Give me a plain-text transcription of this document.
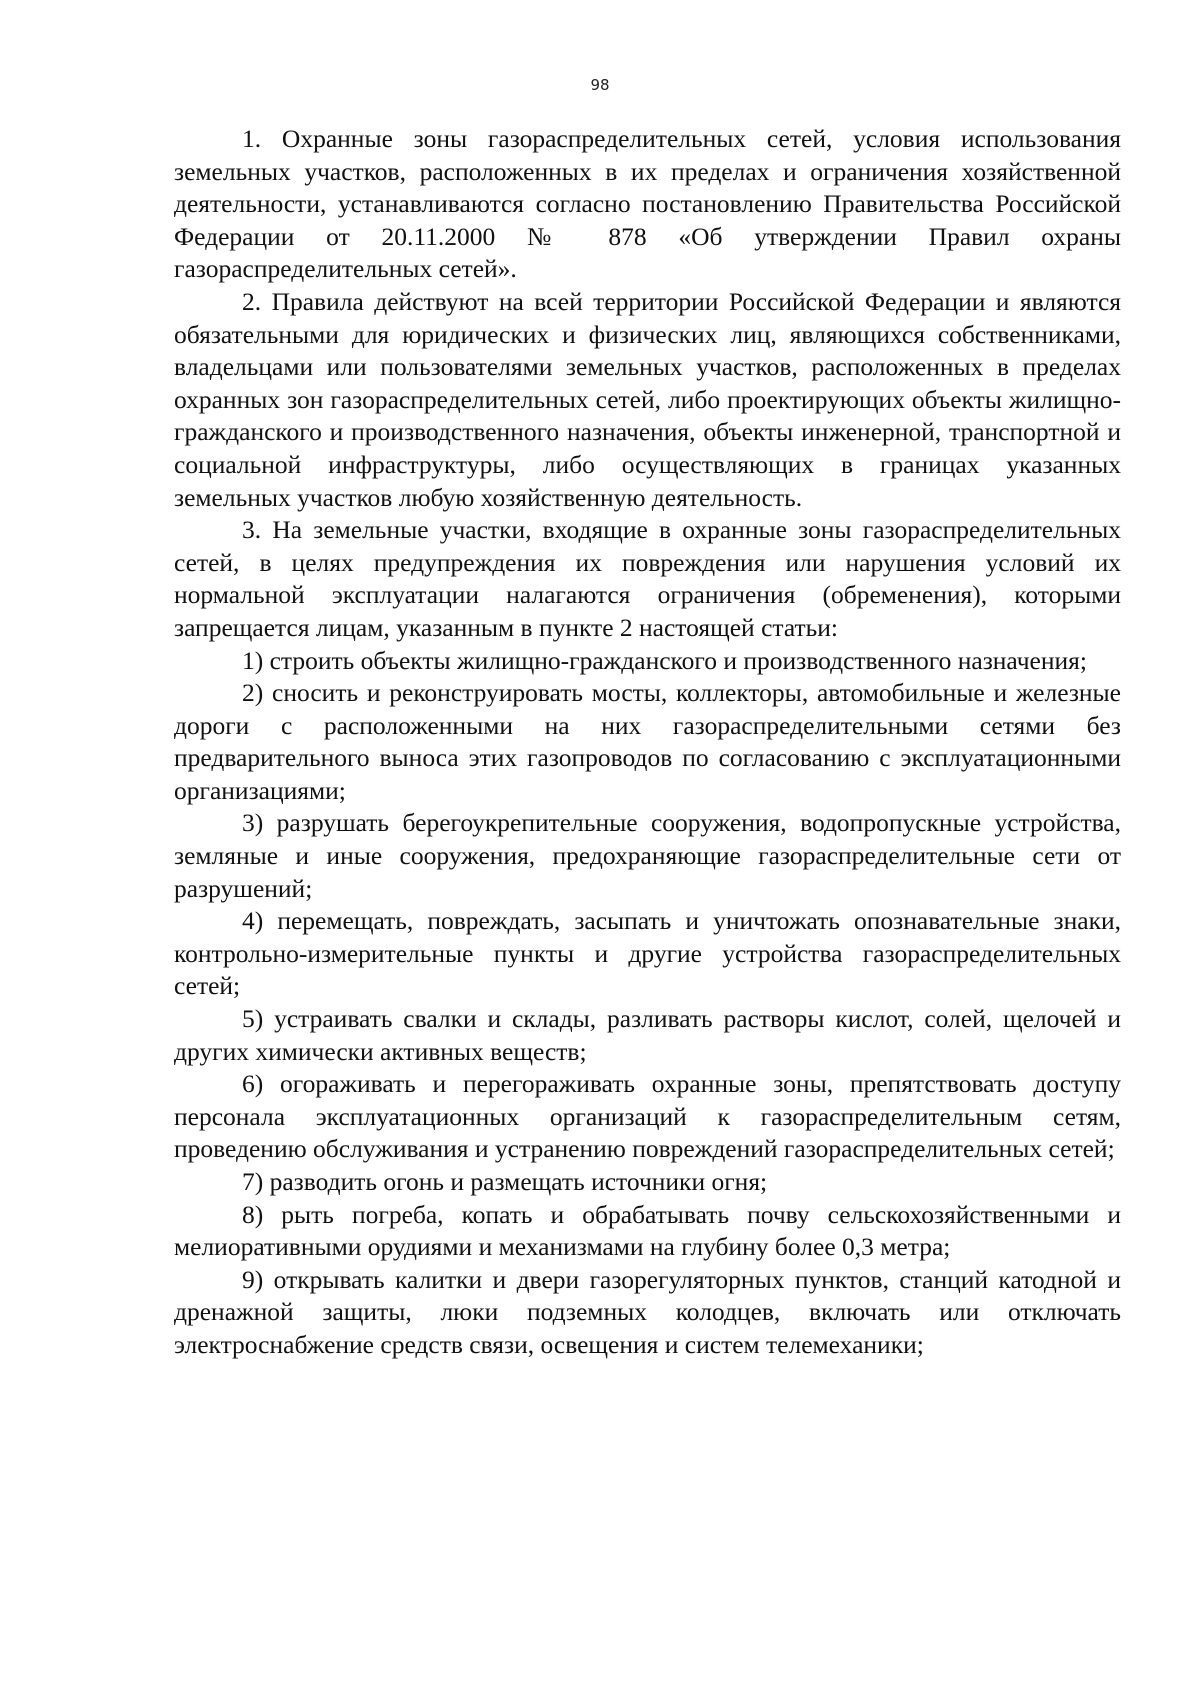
98

1. Охранные зоны газораспределительных сетей, условия использования земельных участков, расположенных в их пределах и ограничения хозяйственной деятельности, устанавливаются согласно постановлению Правительства Российской Федерации от 20.11.2000 № 878 «Об утверждении Правил охраны газораспределительных сетей».

2. Правила действуют на всей территории Российской Федерации и являются обязательными для юридических и физических лиц, являющихся собственниками, владельцами или пользователями земельных участков, расположенных в пределах охранных зон газораспределительных сетей, либо проектирующих объекты жилищно-гражданского и производственного назначения, объекты инженерной, транспортной и социальной инфраструктуры, либо осуществляющих в границах указанных земельных участков любую хозяйственную деятельность.

3. На земельные участки, входящие в охранные зоны газораспределительных сетей, в целях предупреждения их повреждения или нарушения условий их нормальной эксплуатации налагаются ограничения (обременения), которыми запрещается лицам, указанным в пункте 2 настоящей статьи:

1) строить объекты жилищно-гражданского и производственного назначения;

2) сносить и реконструировать мосты, коллекторы, автомобильные и железные дороги с расположенными на них газораспределительными сетями без предварительного выноса этих газопроводов по согласованию с эксплуатационными организациями;

3) разрушать берегоукрепительные сооружения, водопропускные устройства, земляные и иные сооружения, предохраняющие газораспределительные сети от разрушений;

4) перемещать, повреждать, засыпать и уничтожать опознавательные знаки, контрольно-измерительные пункты и другие устройства газораспределительных сетей;

5) устраивать свалки и склады, разливать растворы кислот, солей, щелочей и других химически активных веществ;

6) огораживать и перегораживать охранные зоны, препятствовать доступу персонала эксплуатационных организаций к газораспределительным сетям, проведению обслуживания и устранению повреждений газораспределительных сетей;

7) разводить огонь и размещать источники огня;

8) рыть погреба, копать и обрабатывать почву сельскохозяйственными и мелиоративными орудиями и механизмами на глубину более 0,3 метра;

9) открывать калитки и двери газорегуляторных пунктов, станций катодной и дренажной защиты, люки подземных колодцев, включать или отключать электроснабжение средств связи, освещения и систем телемеханики;
